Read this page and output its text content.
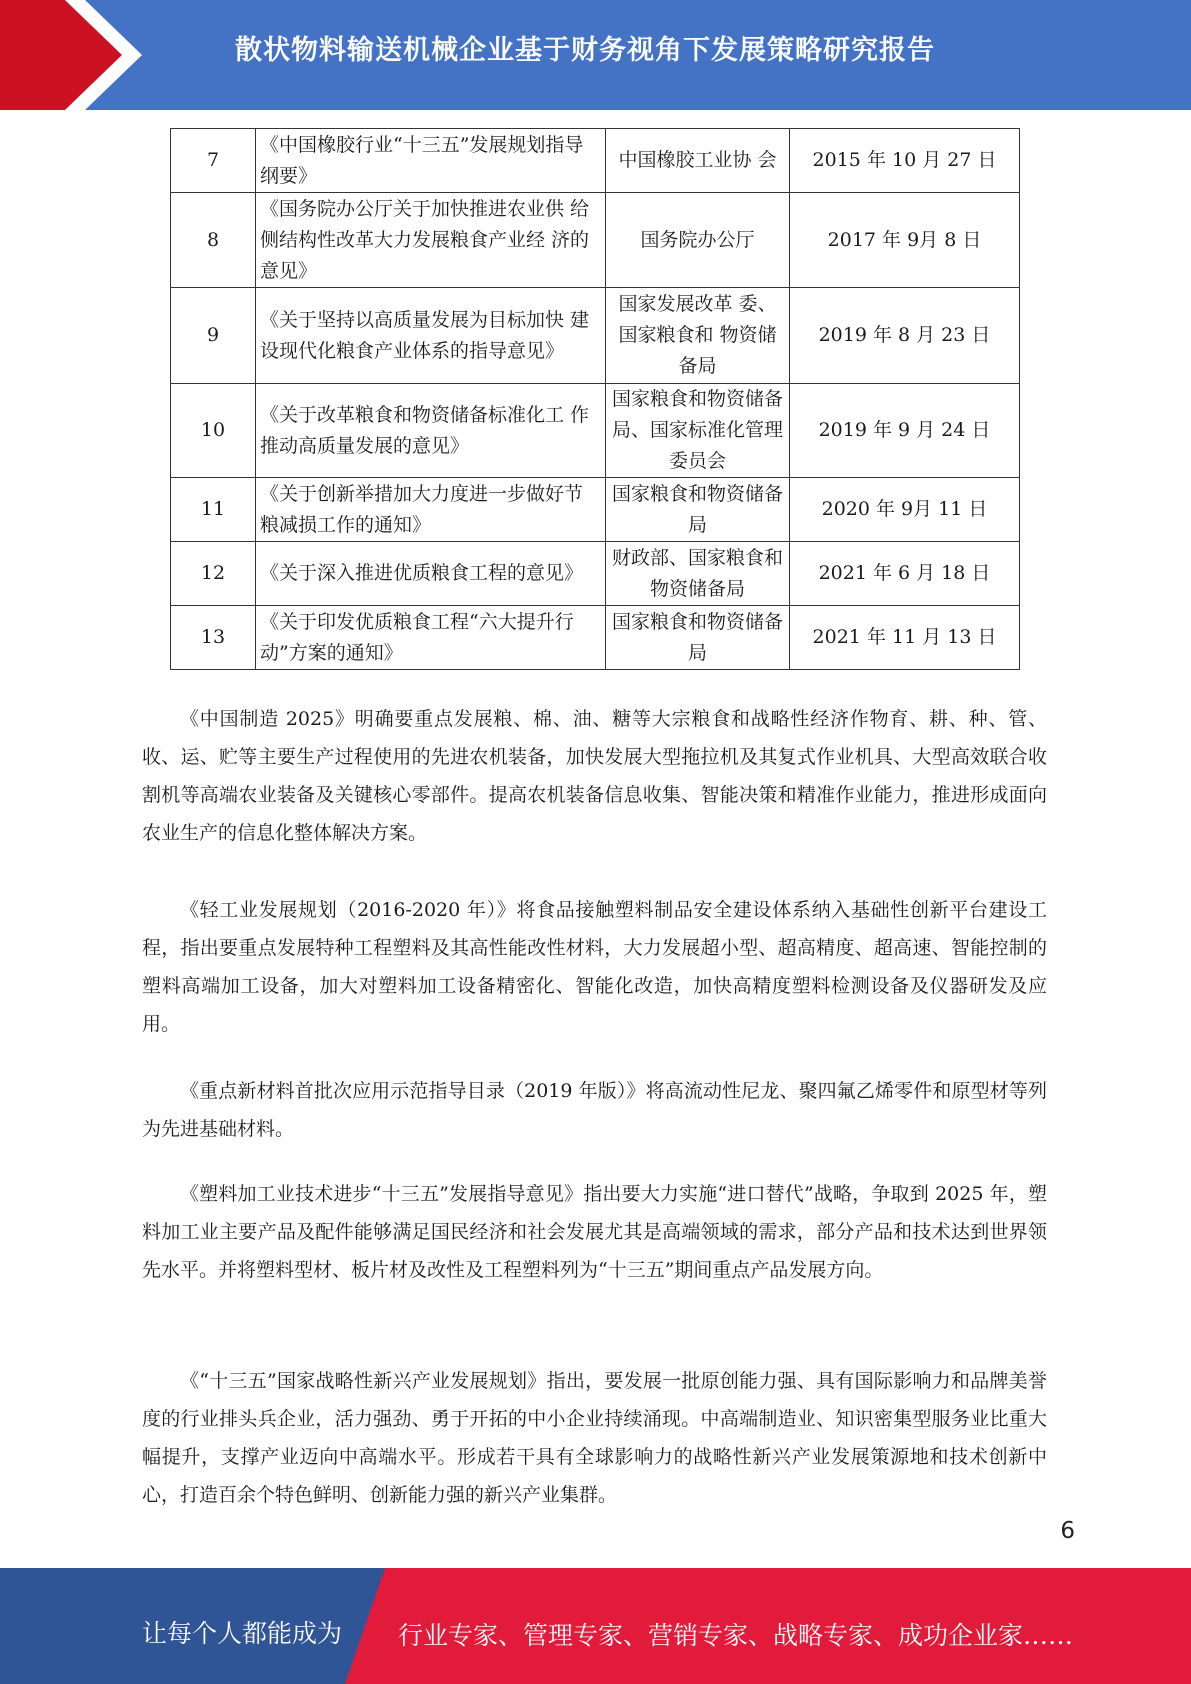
散状物料输送机械企业基于财务视角下发展策略研究报告
7	《中国橡胶行业“十三五”发展规划指导纲要》	中国橡胶工业协 会	2015 年 10 月 27 日
8	《国务院办公厅关于加快推进农业供 给侧结构性改革大力发展粮食产业经 济的意见》	国务院办公厅	2017 年 9月 8 日
9	《关于坚持以高质量发展为目标加快 建设现代化粮食产业体系的指导意见》	国家发展改革 委、国家粮食和 物资储备局	2019 年 8 月 23 日
10	《关于改革粮食和物资储备标准化工 作推动高质量发展的意见》	国家粮食和物资储备局、国家标准化管理委员会	2019 年 9 月 24 日
11	《关于创新举措加大力度进一步做好节粮减损工作的通知》	国家粮食和物资储备局	2020 年 9月 11 日
12	《关于深入推进优质粮食工程的意见》	财政部、国家粮食和物资储备局	2021 年 6 月 18 日
13	《关于印发优质粮食工程“六大提升行动”方案的通知》	国家粮食和物资储备局	2021 年 11 月 13 日

《中国制造 2025》明确要重点发展粮、棉、油、糖等大宗粮食和战略性经济作物育、耕、种、管、收、运、贮等主要生产过程使用的先进农机装备，加快发展大型拖拉机及其复式作业机具、大型高效联合收割机等高端农业装备及关键核心零部件。提高农机装备信息收集、智能决策和精准作业能力，推进形成面向农业生产的信息化整体解决方案。

《轻工业发展规划（2016-2020 年）》将食品接触塑料制品安全建设体系纳入基础性创新平台建设工程，指出要重点发展特种工程塑料及其高性能改性材料，大力发展超小型、超高精度、超高速、智能控制的塑料高端加工设备，加大对塑料加工设备精密化、智能化改造，加快高精度塑料检测设备及仪器研发及应用。

《重点新材料首批次应用示范指导目录（2019 年版）》将高流动性尼龙、聚四氟乙烯零件和原型材等列为先进基础材料。

《塑料加工业技术进步“十三五”发展指导意见》指出要大力实施“进口替代”战略，争取到 2025 年，塑料加工业主要产品及配件能够满足国民经济和社会发展尤其是高端领域的需求，部分产品和技术达到世界领先水平。并将塑料型材、板片材及改性及工程塑料列为“十三五”期间重点产品发展方向。

《“十三五”国家战略性新兴产业发展规划》指出，要发展一批原创能力强、具有国际影响力和品牌美誉度的行业排头兵企业，活力强劲、勇于开拓的中小企业持续涌现。中高端制造业、知识密集型服务业比重大幅提升，支撑产业迈向中高端水平。形成若干具有全球影响力的战略性新兴产业发展策源地和技术创新中心，打造百余个特色鲜明、创新能力强的新兴产业集群。

6
让每个人都能成为 行业专家、管理专家、营销专家、战略专家、成功企业家……
